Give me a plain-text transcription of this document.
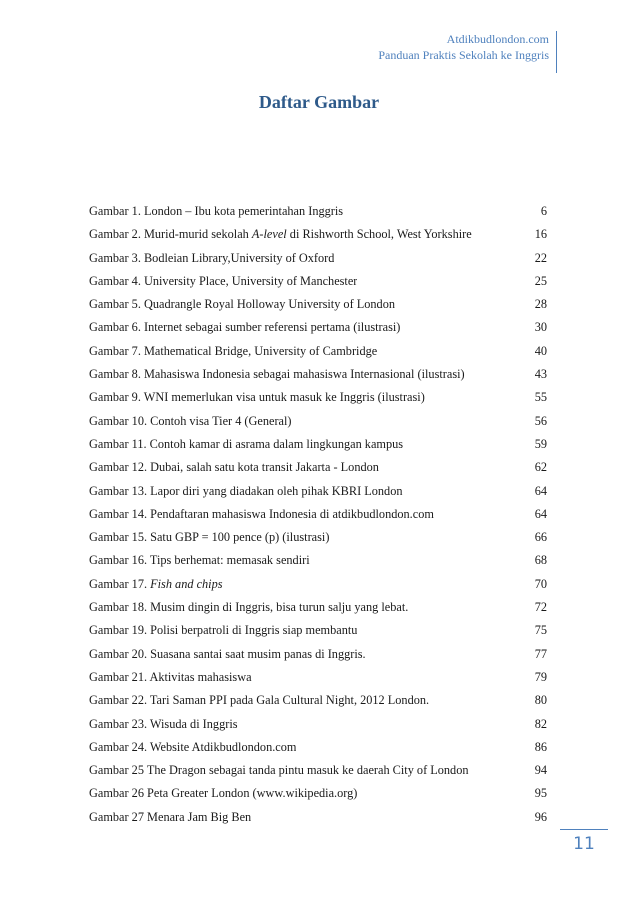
Atdikbudlondon.com
Panduan Praktis Sekolah ke Inggris
Daftar Gambar
Gambar 1. London – Ibu kota pemerintahan Inggris	6
Gambar 2. Murid-murid sekolah A-level di Rishworth School, West Yorkshire	16
Gambar 3. Bodleian Library,University of Oxford	22
Gambar 4. University Place, University of Manchester	25
Gambar 5. Quadrangle Royal Holloway University of London	28
Gambar 6. Internet sebagai sumber referensi pertama (ilustrasi)	30
Gambar 7. Mathematical Bridge, University of Cambridge	40
Gambar 8. Mahasiswa Indonesia sebagai mahasiswa Internasional (ilustrasi)	43
Gambar 9. WNI memerlukan visa untuk masuk ke Inggris (ilustrasi)	55
Gambar 10. Contoh visa Tier 4 (General)	56
Gambar 11. Contoh kamar di asrama dalam lingkungan kampus	59
Gambar 12. Dubai, salah satu kota transit Jakarta - London	62
Gambar 13. Lapor diri yang diadakan oleh pihak KBRI London	64
Gambar 14. Pendaftaran mahasiswa Indonesia di atdikbudlondon.com	64
Gambar 15. Satu GBP = 100 pence (p) (ilustrasi)	66
Gambar 16. Tips berhemat: memasak sendiri	68
Gambar 17. Fish and chips	70
Gambar 18. Musim dingin di Inggris, bisa turun salju yang lebat.	72
Gambar 19. Polisi berpatroli di Inggris siap membantu	75
Gambar 20. Suasana santai saat musim panas di Inggris.	77
Gambar 21. Aktivitas mahasiswa	79
Gambar 22. Tari Saman PPI pada Gala Cultural Night, 2012 London.	80
Gambar 23. Wisuda di Inggris	82
Gambar 24. Website Atdikbudlondon.com	86
Gambar 25 The Dragon sebagai tanda pintu masuk ke daerah City of London	94
Gambar 26 Peta Greater London (www.wikipedia.org)	95
Gambar 27 Menara Jam Big Ben	96
11
